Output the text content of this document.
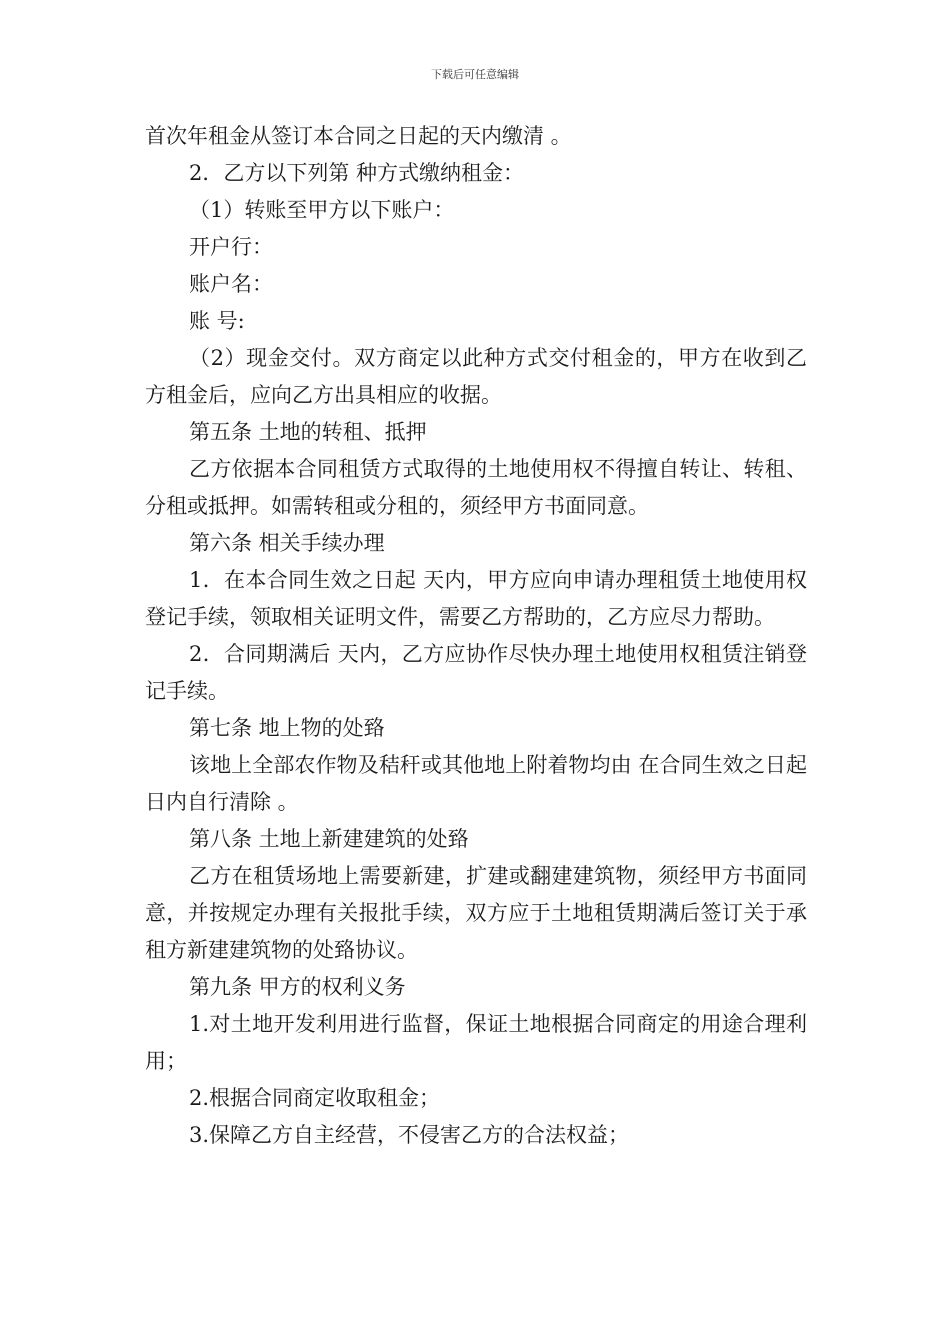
下载后可任意编辑

首次年租金从签订本合同之日起的天内缴清 。

2．乙方以下列第 种方式缴纳租金：

（1）转账至甲方以下账户：

开户行：

账户名：

账 号:

（2）现金交付。双方商定以此种方式交付租金的，甲方在收到乙方租金后，应向乙方出具相应的收据。

第五条 土地的转租、抵押

乙方依据本合同租赁方式取得的土地使用权不得擅自转让、转租、分租或抵押。如需转租或分租的，须经甲方书面同意。

第六条 相关手续办理

1．在本合同生效之日起 天内，甲方应向申请办理租赁土地使用权登记手续，领取相关证明文件，需要乙方帮助的，乙方应尽力帮助。

2．合同期满后 天内，乙方应协作尽快办理土地使用权租赁注销登记手续。

第七条 地上物的处臵

该地上全部农作物及秸秆或其他地上附着物均由 在合同生效之日起日内自行清除 。

第八条 土地上新建建筑的处臵

乙方在租赁场地上需要新建，扩建或翻建建筑物，须经甲方书面同意，并按规定办理有关报批手续，双方应于土地租赁期满后签订关于承租方新建建筑物的处臵协议。

第九条 甲方的权利义务

1.对土地开发利用进行监督，保证土地根据合同商定的用途合理利用；

2.根据合同商定收取租金；

3.保障乙方自主经营，不侵害乙方的合法权益；
